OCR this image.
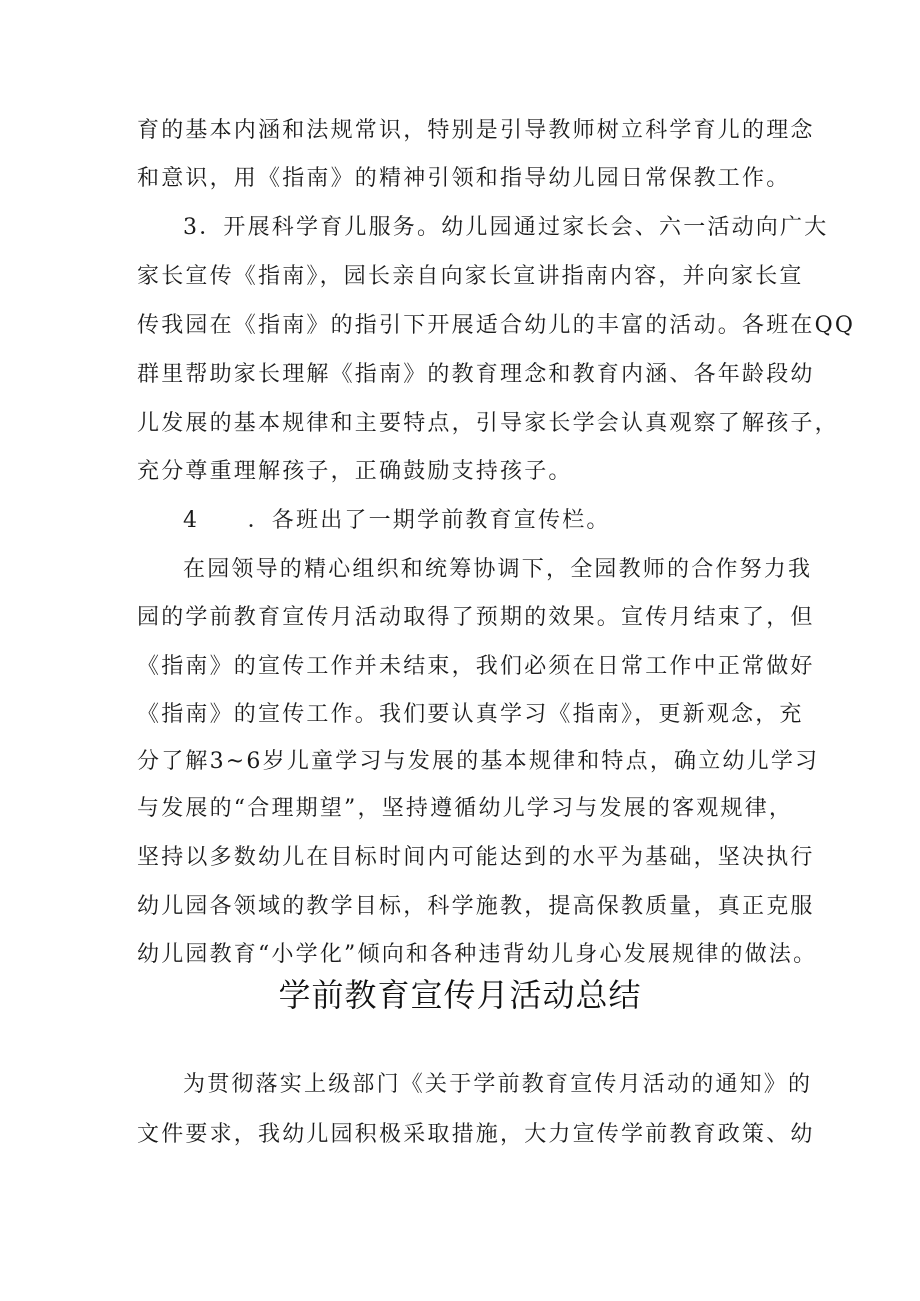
育的基本内涵和法规常识，特别是引导教师树立科学育儿的理念
和意识，用《指南》的精神引领和指导幼儿园日常保教工作。
3．开展科学育儿服务。幼儿园通过家长会、六一活动向广大
家长宣传《指南》，园长亲自向家长宣讲指南内容，并向家长宣
传我园在《指南》的指引下开展适合幼儿的丰富的活动。各班在QQ
群里帮助家长理解《指南》的教育理念和教育内涵、各年龄段幼
儿发展的基本规律和主要特点，引导家长学会认真观察了解孩子，
充分尊重理解孩子，正确鼓励支持孩子。
4　　．各班出了一期学前教育宣传栏。
在园领导的精心组织和统筹协调下，全园教师的合作努力我
园的学前教育宣传月活动取得了预期的效果。宣传月结束了，但
《指南》的宣传工作并未结束，我们必须在日常工作中正常做好
《指南》的宣传工作。我们要认真学习《指南》，更新观念，充
分了解3~6岁儿童学习与发展的基本规律和特点，确立幼儿学习
与发展的“合理期望”，坚持遵循幼儿学习与发展的客观规律，
坚持以多数幼儿在目标时间内可能达到的水平为基础，坚决执行
幼儿园各领域的教学目标，科学施教，提高保教质量，真正克服
幼儿园教育“小学化”倾向和各种违背幼儿身心发展规律的做法。
学前教育宣传月活动总结
为贯彻落实上级部门《关于学前教育宣传月活动的通知》的
文件要求，我幼儿园积极采取措施，大力宣传学前教育政策、幼
